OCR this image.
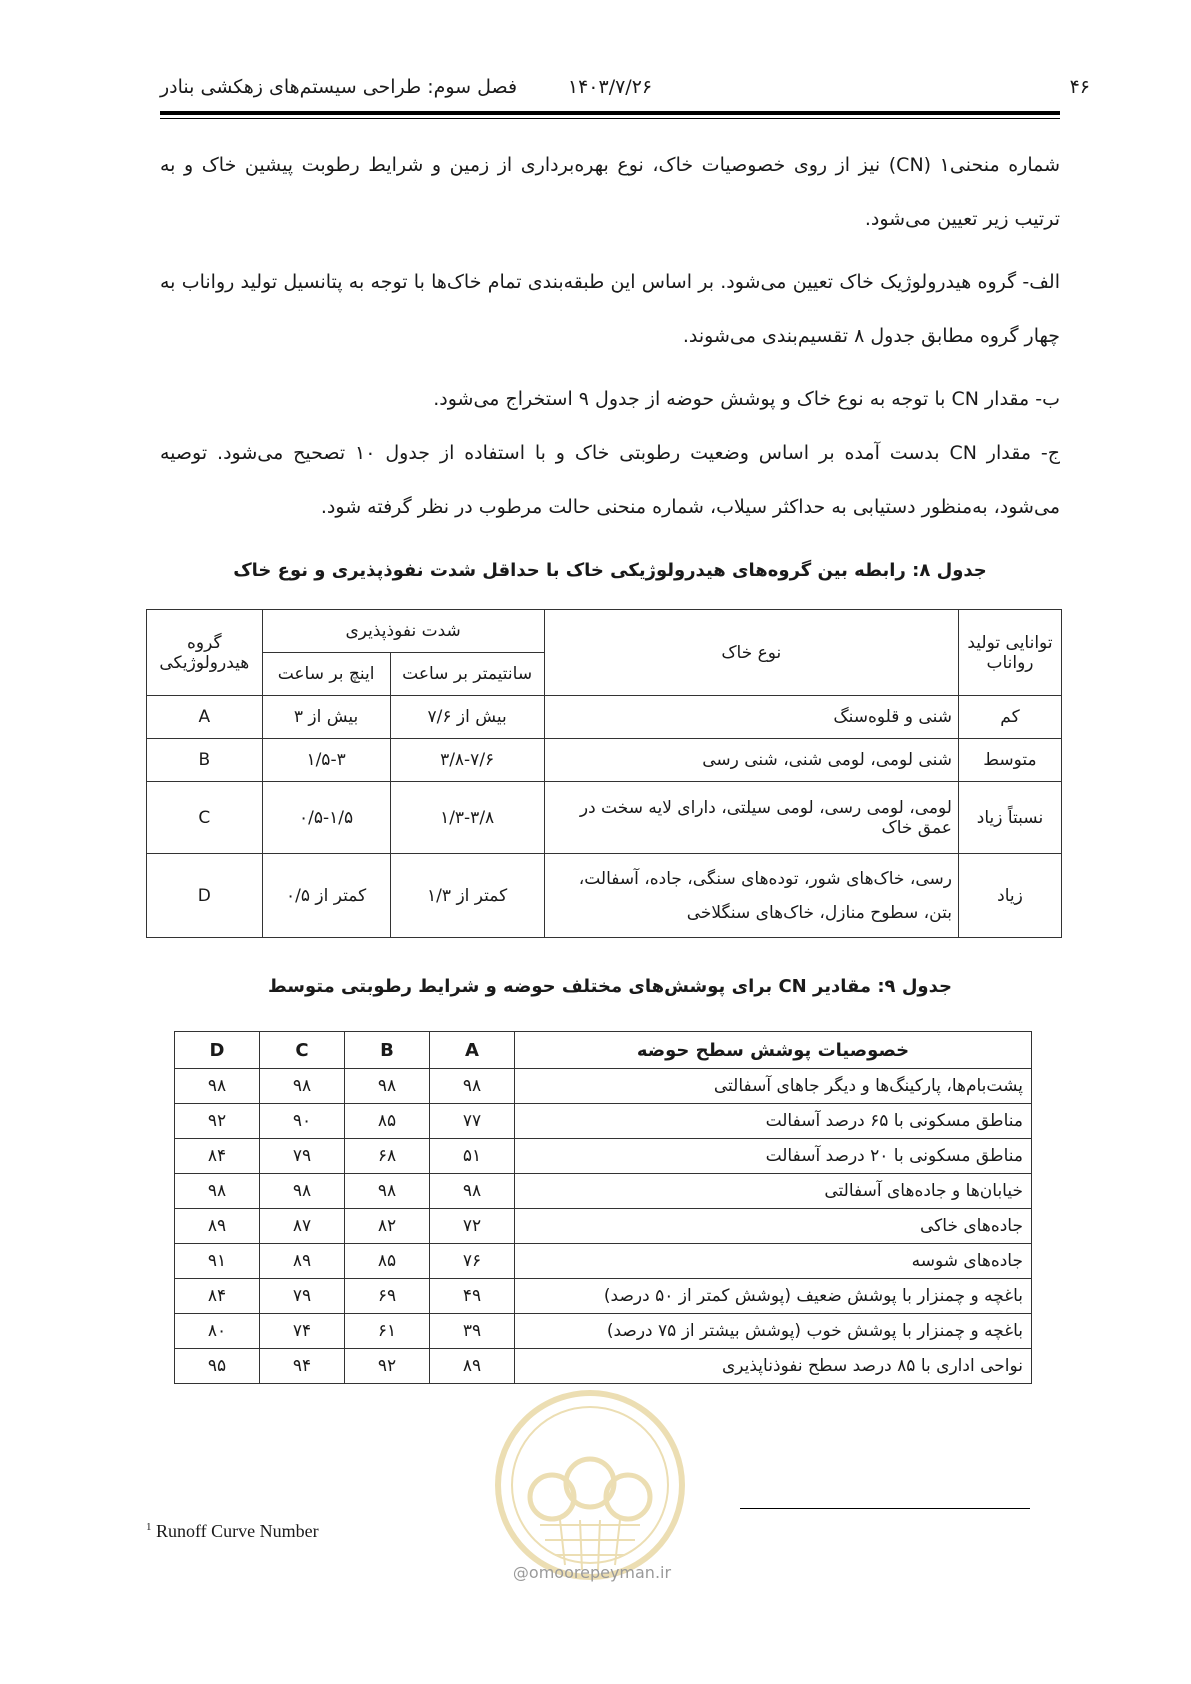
۴۶
۱۴۰۳/۷/۲۶
فصل سوم: طراحی سیستم‌های زهکشی بنادر
شماره منحنی۱ (CN) نیز از روی خصوصیات خاک، نوع بهره‌برداری از زمین و شرایط رطوبت پیشین خاک و به ترتیب زیر تعیین می‌شود.
الف- گروه هیدرولوژیک خاک تعیین می‌شود. بر اساس این طبقه‌بندی تمام خاک‌ها با توجه به پتانسیل تولید رواناب به چهار گروه مطابق جدول ۸ تقسیم‌بندی می‌شوند.
ب- مقدار CN با توجه به نوع خاک و پوشش حوضه از جدول ۹ استخراج می‌شود.
ج- مقدار CN بدست آمده بر اساس وضعیت رطوبتی خاک و با استفاده از جدول ۱۰ تصحیح می‌شود. توصیه می‌شود، به‌منظور دستیابی به حداکثر سیلاب، شماره منحنی حالت مرطوب در نظر گرفته شود.
جدول ۸: رابطه بین گروه‌های هیدرولوژیکی خاک با حداقل شدت نفوذپذیری و نوع خاک
توانایی تولید رواناب	نوع خاک	شدت نفوذپذیری		گروه هیدرولوژیکی
		سانتیمتر بر ساعت	اینچ بر ساعت	
کم	شنی و قلوه‌سنگ	بیش از ۷/۶	بیش از ۳	A
متوسط	شنی لومی، لومی شنی، شنی رسی	۳/۸-۷/۶	۱/۵-۳	B
نسبتاً زیاد	لومی، لومی رسی، لومی سیلتی، دارای لایه سخت در عمق خاک	۱/۳-۳/۸	۰/۵-۱/۵	C
زیاد	رسی، خاک‌های شور، توده‌های سنگی، جاده، آسفالت، بتن، سطوح منازل، خاک‌های سنگلاخی	کمتر از ۱/۳	کمتر از ۰/۵	D
جدول ۹: مقادیر CN برای پوشش‌های مختلف حوضه و شرایط رطوبتی متوسط
خصوصیات پوشش سطح حوضه	A	B	C	D
پشت‌بام‌ها، پارکینگ‌ها و دیگر جاهای آسفالتی	۹۸	۹۸	۹۸	۹۸
مناطق مسکونی با ۶۵ درصد آسفالت	۷۷	۸۵	۹۰	۹۲
مناطق مسکونی با ۲۰ درصد آسفالت	۵۱	۶۸	۷۹	۸۴
خیابان‌ها و جاده‌های آسفالتی	۹۸	۹۸	۹۸	۹۸
جاده‌های خاکی	۷۲	۸۲	۸۷	۸۹
جاده‌های شوسه	۷۶	۸۵	۸۹	۹۱
باغچه و چمنزار با پوشش ضعیف (پوشش کمتر از ۵۰ درصد)	۴۹	۶۹	۷۹	۸۴
باغچه و چمنزار با پوشش خوب (پوشش بیشتر از ۷۵ درصد)	۳۹	۶۱	۷۴	۸۰
نواحی اداری با ۸۵ درصد سطح نفوذناپذیری	۸۹	۹۲	۹۴	۹۵
@omoorepeyman.ir
$^1$ Runoff Curve Number
